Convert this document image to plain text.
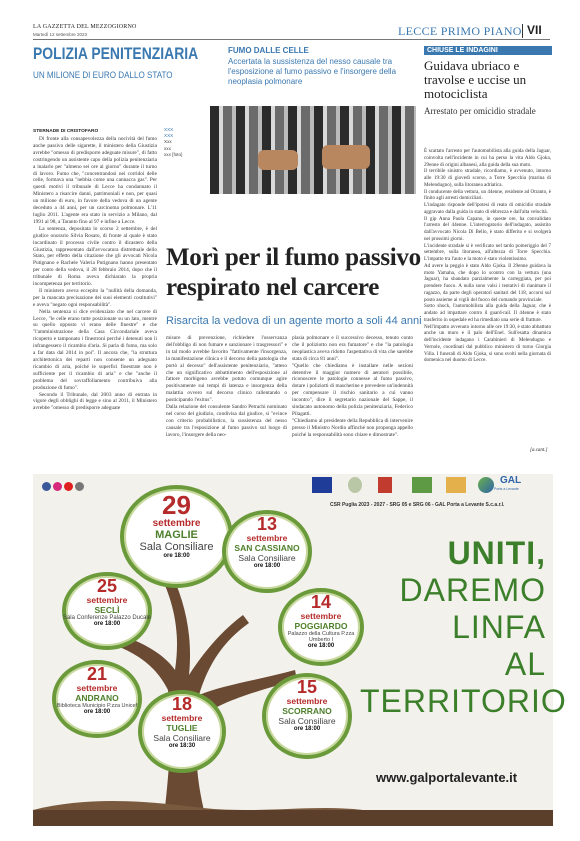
LA GAZZETTA DEL MEZZOGIORNO
Martedì 12 settembre 2023	LECCE PRIMO PIANO VII
POLIZIA PENITENZIARIA
UN MILIONE DI EURO DALLO STATO
FUMO DALLE CELLE
Accertata la sussistenza del nesso causale tra l'esposizione al fumo passivo e l'insorgere della neoplasia polmonare
XXX
XXX
Xxx
xxx
xxx [foto]
STERNADE DI CRISTOFARO

Di fronte alla consapevolezza della nocività del fumo anche passivo delle sigarette, il ministero della Giustizia avrebbe "omesso di predisporre adeguate misure", di fatto costringendo un assistente capo della polizia penitenziaria a inalarlo per "almeno sei ore al giorno" durante il turno di lavoro. Fumo che, "concentrandosi nei corridoi delle celle, formava una "nebbia come una cannacca gas". Per questi motivi il tribunale di Lecce ha condannato il Ministero a risarcire danni, patrimoniali e non, per quasi un milione di euro, in favore della vedova di un agente deceduto a 44 anni, per un carcinoma polmonare. L'11 luglio 2011. L'agente era stato in servizio a Milano, dal 1991 al 98, a Taranto fino al 97 e infine a Lecce.

La sentenza, depositata lo scorso 2 settembre, è del giudice onorario Silvia Rosato, di fronte al quale è stato incardinato il processo civile contro il dicastero della Giustizia, rappresentato dall'avvocatura distrettuale dello Stato, per effetto della citazione che gli avvocati Nicola Putignano e Rachele Valeria Putignano hanno presentato per conto della vedova, il 28 febbraio 2014, dopo che il tribunale di Roma aveva dichiarato la propria incompetenza per territorio.

Il ministero aveva eccepito la "nullità della domanda, per la mancata precisazione dei suoi elementi costitutivi" e aveva "negato ogni responsabilità".

Nella sentenza si dice evidenziato che nel carcere di Lecce, "le celle erano tutte posizionate su un lato, mentre su quello opposto vi erano delle finestre" e che "l'amministrazione della Casa Circondariale aveva ricoperto e tamponato i finestroni perché i detenuti non li infrangessero il ricambio d'aria. Si parla di fumo, ma solo a far data dal 2014 in poi". Il ancora che, "la struttura architettonica dei reparti non consente un adeguato ricambio di aria, poiché le superfici finestrate non è sufficiente per il ricambio di aria" e che "anche il problema del sovraffollamento contribuiva alla produzione di fumo".

Secondo il Tribunale, dal 2003 anno di entrata in vigore degli obblighi di legge e sino al 2011, il Ministero avrebbe "omesso di predisporre adeguate

Morì per il fumo passivo
respirato nel carcere
Risarcita la vedova di un agente morto a soli 44 anni
misure di prevenzione, richiedere l'osservanza dell'obbligo di non fumare e sanzionare i trasgressori" e in tal modo avrebbe favorito "fattivamente l'insorgenza, la manifestazione clinica e il decorso della patologia che portò al decesso" dell'assistente penitenziario, "atteso che un significativo abbattimento dell'esposizione al fattore morbigeno avrebbe potuto comunque agire positivamente sui tempi di latenza e insorgenza della malattia ovvero sul decorso clinico rallentando o posticipando l'exitus".
Dalla relazione del consulente Sandro Petrachi nominato nel corso del giudizio, condivisa dal giudice, si "evince con criterio probabilistico, la sussistenza del nesso causale tra l'esposizione al fumo passivo sul luogo di lavoro, l'insorgere della neo-
plasia polmonare e il successivo decesso, tenuto conto che il poliziotto non era fumatore" e che "la patologia neoplastica aveva ridotto l'aspettativa di vita che sarebbe stata di circa 81 anni".
"Quello che chiediamo è installare nelle sezioni detentive il maggior numero di aeratori possibile, riconoscere le patologie connesse al fumo passivo, dotare i poliziotti di mascherine e prevedere un'indennità per compensare il rischio sanitario a cui vanno incontro", dice il segretario nazionale del Sappe, il sindacato autonomo della polizia penitenziaria, Federico Pilagatti.
"Chiediamo al presidente della Repubblica di intervenire presso il Ministro Nordio affinché non proponga appello poiché la responsabilità sono chiare e dimostrate".
CHIUSE LE INDAGINI
Guidava ubriaco e travolse e uccise un motociclista
Arrestato per omicidio stradale
È scattato l'arresto per l'automobilista alla guida della Jaguar, coinvolta nell'incidente in cui ha perso la vita Aldo Gjoka, 29enne di origini albanesi, alla guida della sua moto.
Il terribile sinistro stradale, ricordiamo, è avvenuto, intorno alle 19:30 di giovedì scorso, a Torre Specchia (marina di Melendugno), sulla litoranea adriatica.
Il conducente della vettura, un 44enne, residente ad Otranto, è finito agli arresti domiciliari.
L'indagato risponde dell'ipotesi di reato di omicidio stradale aggravato dalla guida in stato di ebbrezza e dall'alta velocità.
Il gip Anna Paola Capano, in queste ore, ha convalidato l'arresto del 44enne. L'interrogatorio dell'indagato, assistito dall'avvocato Nicola Di Bello, è stato differito e si svolgerà nei prossimi giorni.
L'incidente stradale si è verificato nel tardo pomeriggio del 7 settembre, sulla litoranea, all'altezza di Torre Specchia. L'impatto tra l'auto e la moto è stato violentissimo.
Ad avere la peggio è stato Aldo Gjoka. Il 29enne guidava la moto Yamaha, che dopo lo scontro con la vettura (una Jaguar), ha sbandato parzialmente la carreggiata, per poi prendere fuoco. A nulla sono valsi i tentativi di rianimare il ragazzo, da parte degli operatori sanitari del 118, accorsi sul posto assieme ai vigili del fuoco del comando provinciale.
Sotto shock, l'automobilista alla guida della Jaguar, che è andato ad impattare contro il guard-rail. Il 44enne è stato trasferito in ospedale ed ha rimediato una serie di fratture.
Nell'impatto avvenuto intorno alle ore 19:30, è stato abbattuto anche un muro e il palo dell'Enel. Sull'esatta dinamica dell'incidente indagano i Carabinieri di Melendugno e Vernole, coordinati dal pubblico ministero di turno Giorgia Villa. I funerali di Aldo Gjoka, si sono svolti nella giornata di domenica nel duomo di Lecce.
[a.cant.]
GAL
Porta a Levante
CSR Puglia 2023 - 2027 - SRG 05 e SRG 06 - GAL Porta a Levante S.c.a.r.l.
29
settembre
MAGLIE
Sala Consiliare
ore 18:00
13
settembre
SAN CASSIANO
Sala Consiliare
ore 18:00
25
settembre
SECLÌ
Sala Conferenze Palazzo Ducale
ore 18:00
14
settembre
POGGIARDO
Palazzo della Cultura P.zza Umberto I
ore 18:00
21
settembre
ANDRANO
Biblioteca Municipio P.zza Unicef
ore 18:00	18
settembre
TUGLIE
Sala Consiliare
ore 18:30
15
settembre
SCORRANO
Sala Consiliare
ore 18:00
UNITI,
DAREMO
LINFA
AL
TERRITORIO
www.galportalevante.it
